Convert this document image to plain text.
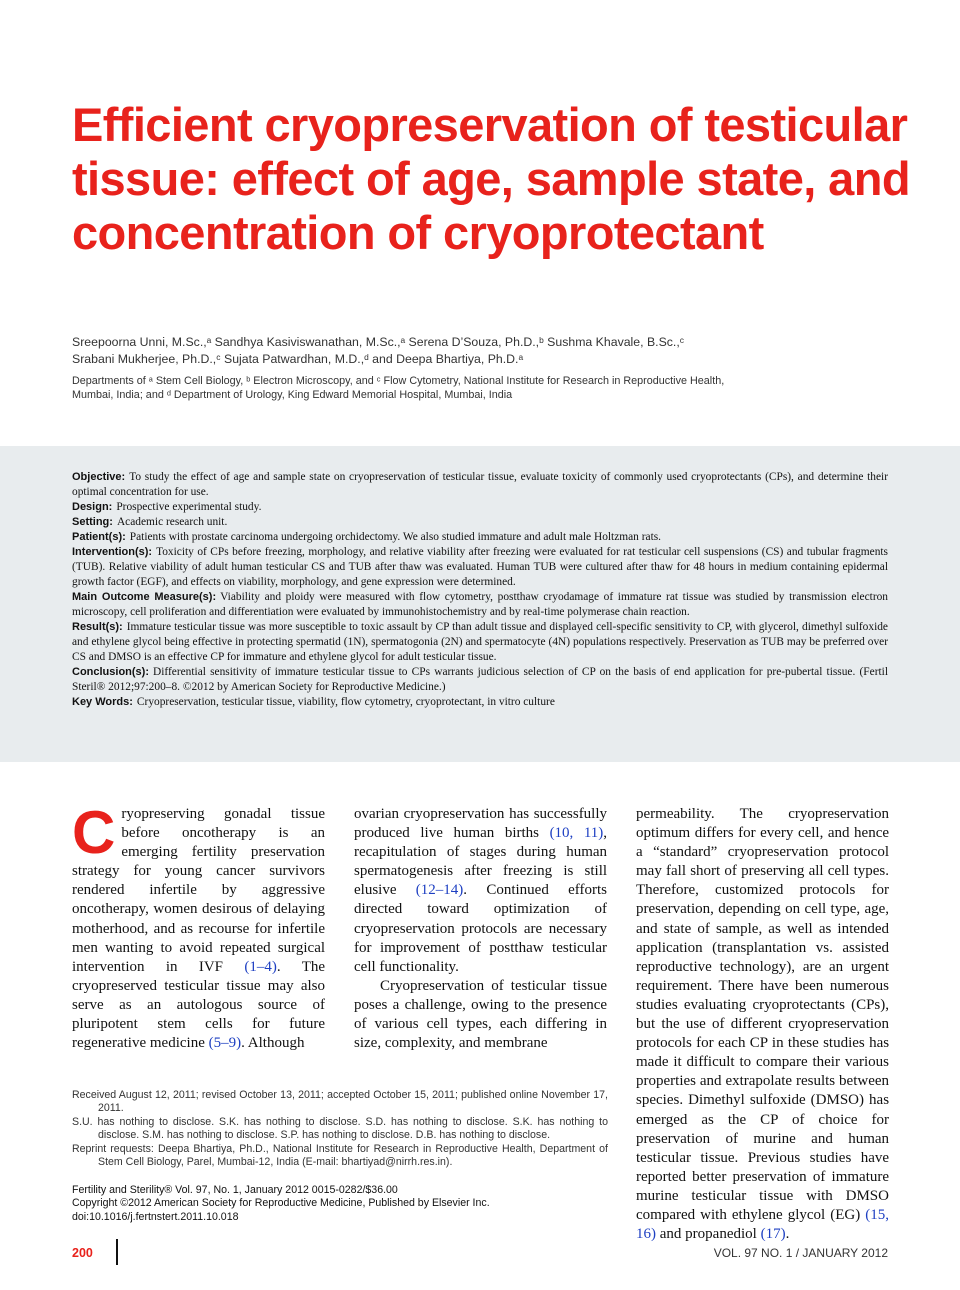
Efficient cryopreservation of testicular tissue: effect of age, sample state, and concentration of cryoprotectant
Sreepoorna Unni, M.Sc.,ᵃ Sandhya Kasiviswanathan, M.Sc.,ᵃ Serena D’Souza, Ph.D.,ᵇ Sushma Khavale, B.Sc.,ᶜ
Srabani Mukherjee, Ph.D.,ᶜ Sujata Patwardhan, M.D.,ᵈ and Deepa Bhartiya, Ph.D.ᵃ
Departments of ᵃ Stem Cell Biology, ᵇ Electron Microscopy, and ᶜ Flow Cytometry, National Institute for Research in Reproductive Health,
Mumbai, India; and ᵈ Department of Urology, King Edward Memorial Hospital, Mumbai, India

Objective: To study the effect of age and sample state on cryopreservation of testicular tissue, evaluate toxicity of commonly used cryoprotectants (CPs), and determine their optimal concentration for use.

Design: Prospective experimental study.

Setting: Academic research unit.

Patient(s): Patients with prostate carcinoma undergoing orchidectomy. We also studied immature and adult male Holtzman rats.

Intervention(s): Toxicity of CPs before freezing, morphology, and relative viability after freezing were evaluated for rat testicular cell suspensions (CS) and tubular fragments (TUB). Relative viability of adult human testicular CS and TUB after thaw was evaluated. Human TUB were cultured after thaw for 48 hours in medium containing epidermal growth factor (EGF), and effects on viability, morphology, and gene expression were determined.

Main Outcome Measure(s): Viability and ploidy were measured with flow cytometry, postthaw cryodamage of immature rat tissue was studied by transmission electron microscopy, cell proliferation and differentiation were evaluated by immunohistochemistry and by real-time polymerase chain reaction.

Result(s): Immature testicular tissue was more susceptible to toxic assault by CP than adult tissue and displayed cell-specific sensitivity to CP, with glycerol, dimethyl sulfoxide and ethylene glycol being effective in protecting spermatid (1N), spermatogonia (2N) and spermatocyte (4N) populations respectively. Preservation as TUB may be preferred over CS and DMSO is an effective CP for immature and ethylene glycol for adult testicular tissue.

Conclusion(s): Differential sensitivity of immature testicular tissue to CPs warrants judicious selection of CP on the basis of end application for pre-pubertal tissue. (Fertil Steril® 2012;97:200–8. ©2012 by American Society for Reproductive Medicine.)

Key Words: Cryopreservation, testicular tissue, viability, flow cytometry, cryoprotectant, in vitro culture

Cryopreserving gonadal tissue before oncotherapy is an emerging fertility preservation strategy for young cancer survivors rendered infertile by aggressive oncotherapy, women desirous of delaying motherhood, and as recourse for infertile men wanting to avoid repeated surgical intervention in IVF (1–4). The cryopreserved testicular tissue may also serve as an autologous source of pluripotent stem cells for future regenerative medicine (5–9). Although

ovarian cryopreservation has successfully produced live human births (10, 11), recapitulation of stages during human spermatogenesis after freezing is still elusive (12–14). Continued efforts directed toward optimization of cryopreservation protocols are necessary for improvement of postthaw testicular cell functionality.

Cryopreservation of testicular tissue poses a challenge, owing to the presence of various cell types, each differing in size, complexity, and membrane

permeability. The cryopreservation optimum differs for every cell, and hence a “standard” cryopreservation protocol may fall short of preserving all cell types. Therefore, customized protocols for preservation, depending on cell type, age, and state of sample, as well as intended application (transplantation vs. assisted reproductive technology), are an urgent requirement. There have been numerous studies evaluating cryoprotectants (CPs), but the use of different cryopreservation protocols for each CP in these studies has made it difficult to compare their various properties and extrapolate results between species. Dimethyl sulfoxide (DMSO) has emerged as the CP of choice for preservation of murine and human testicular tissue. Previous studies have reported better preservation of immature murine testicular tissue with DMSO compared with ethylene glycol (EG) (15, 16) and propanediol (17).

Received August 12, 2011; revised October 13, 2011; accepted October 15, 2011; published online November 17, 2011.

S.U. has nothing to disclose. S.K. has nothing to disclose. S.D. has nothing to disclose. S.K. has nothing to disclose. S.M. has nothing to disclose. S.P. has nothing to disclose. D.B. has nothing to disclose.

Reprint requests: Deepa Bhartiya, Ph.D., National Institute for Research in Reproductive Health, Department of Stem Cell Biology, Parel, Mumbai-12, India (E-mail: bhartiyad@nirrh.res.in).

Fertility and Sterility® Vol. 97, No. 1, January 2012 0015-0282/$36.00

Copyright ©2012 American Society for Reproductive Medicine, Published by Elsevier Inc.

doi:10.1016/j.fertnstert.2011.10.018

200	VOL. 97 NO. 1 / JANUARY 2012
